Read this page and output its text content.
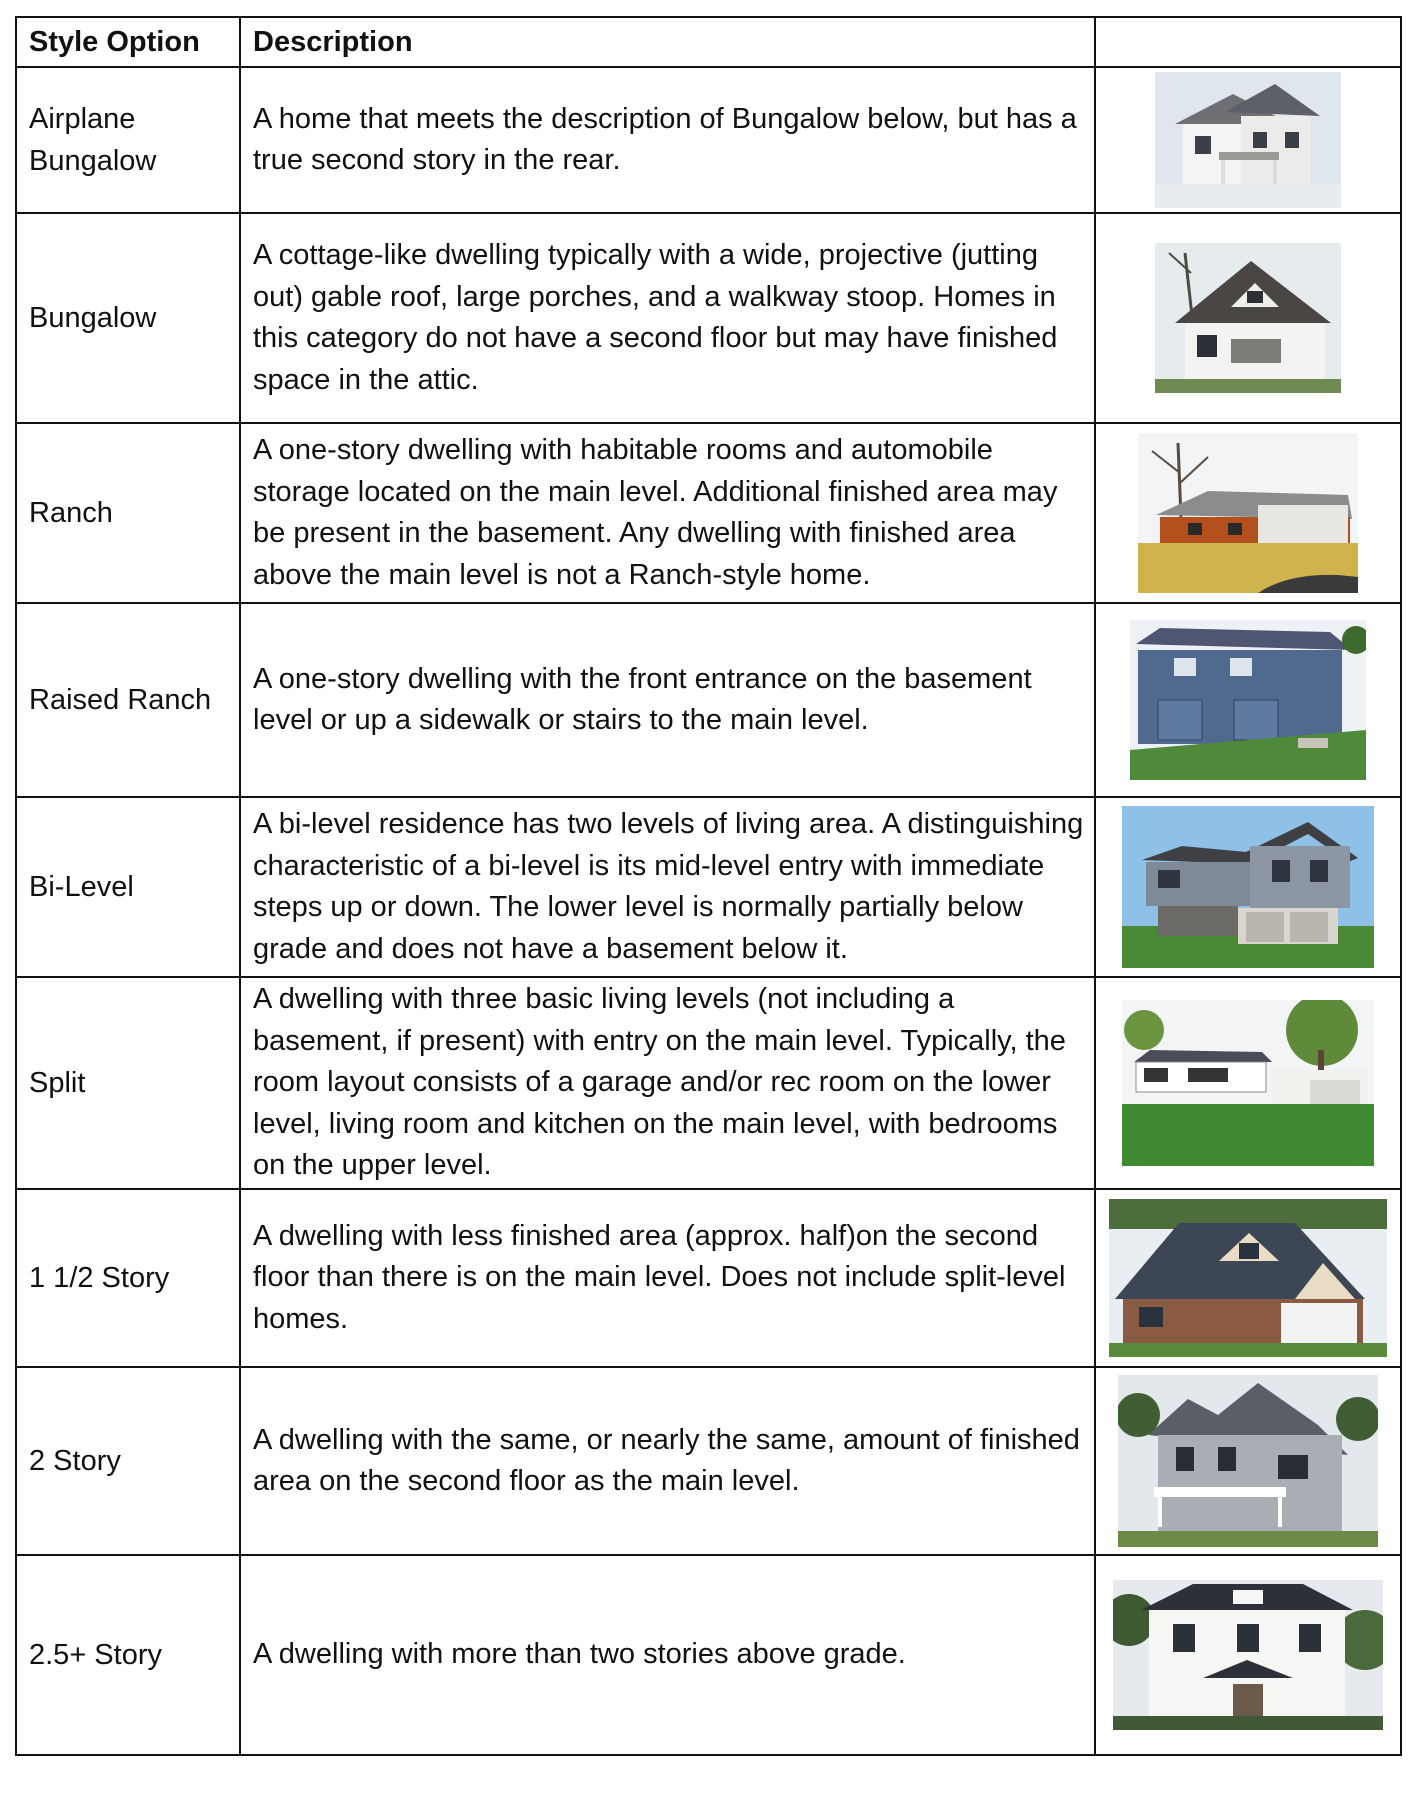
Style Option	Description	
Airplane Bungalow	A home that meets the description of Bungalow below, but has a true second story in the rear.	

Bungalow	A cottage-like dwelling typically with a wide, projective (jutting out) gable roof, large porches, and a walkway stoop. Homes in this category do not have a second floor but may have finished space in the attic.	

Ranch	A one-story dwelling with habitable rooms and automobile storage located on the main level. Additional finished area may be present in the basement. Any dwelling with finished area above the main level is not a Ranch-style home.	

Raised Ranch	A one-story dwelling with the front entrance on the basement level or up a sidewalk or stairs to the main level.	

Bi-Level	A bi-level residence has two levels of living area. A distinguishing characteristic of a bi-level is its mid-level entry with immediate steps up or down. The lower level is normally partially below grade and does not have a basement below it.	

Split	A dwelling with three basic living levels (not including a basement, if present) with entry on the main level. Typically, the room layout consists of a garage and/or rec room on the lower level, living room and kitchen on the main level, with bedrooms on the upper level.	

1 1/2 Story	A dwelling with less finished area (approx. half)on the second floor than there is on the main level. Does not include split-level homes.	

2 Story	A dwelling with the same, or nearly the same, amount of finished area on the second floor as the main level.	

2.5+ Story	A dwelling with more than two stories above grade.	
